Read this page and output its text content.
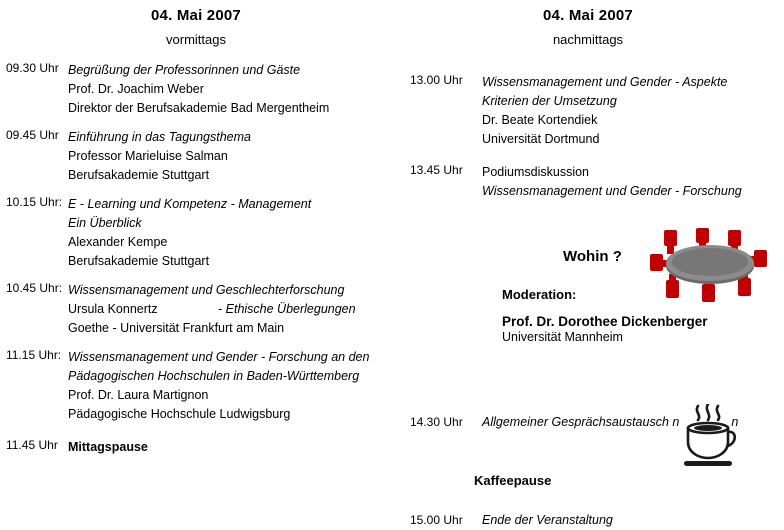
04. Mai 2007
vormittags
09.30 Uhr Begrüßung der Professorinnen und Gäste
Prof. Dr. Joachim Weber
Direktor der Berufsakademie Bad Mergentheim
09.45 Uhr Einführung in das Tagungsthema
Professor Marieluise Salman
Berufsakademie Stuttgart
10.15 Uhr: E - Learning und Kompetenz - Management
Ein Überblick
Alexander Kempe
Berufsakademie Stuttgart
10.45 Uhr: Wissensmanagement und Geschlechterforschung
Ursula Konnertz	- Ethische Überlegungen
Goethe - Universität Frankfurt am Main
11.15 Uhr: Wissensmanagement und Gender - Forschung an den
Pädagogischen Hochschulen in Baden-Württemberg
Prof. Dr. Laura Martignon
Pädagogische Hochschule Ludwigsburg
11.45 Uhr Mittagspause
04. Mai 2007
nachmittags
13.00 Uhr	Wissensmanagement und Gender - Aspekte
Kriterien der Umsetzung
Dr. Beate Kortendiek
Universität Dortmund
13.45 Uhr	Podiumsdiskussion
Wissensmanagement und Gender - Forschung
Wohin ?
Moderation:
Prof. Dr. Dorothee Dickenberger
Universität Mannheim
14.30 Uhr Allgemeiner Gesprächsaustausch n	n
Kaffeepause
15.00 Uhr Ende der Veranstaltung
